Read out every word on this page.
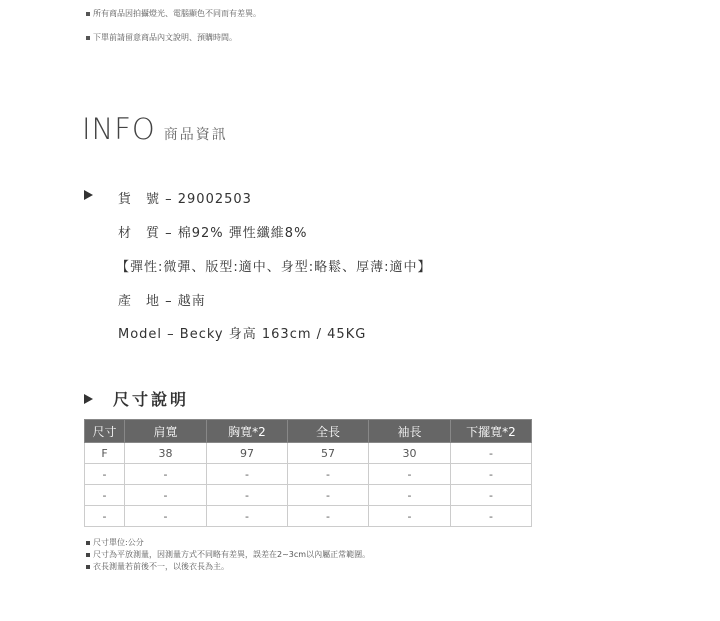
所有商品因拍攝燈光、電腦顯色不同而有差異。
下單前請留意商品內文說明、預購時間。
INFO 商品資訊
貨　號 – 29002503
材　質 – 棉92% 彈性纖維8%
【彈性:微彈、版型:適中、身型:略鬆、厚薄:適中】
產　地 – 越南
Model – Becky 身高 163cm / 45KG
尺寸說明
尺寸	肩寬	胸寬*2	全長	袖長	下擺寬*2
F	38	97	57	30	-
-	-	-	-	-	-
-	-	-	-	-	-
-	-	-	-	-	-
尺寸單位:公分
尺寸為平放測量，因測量方式不同略有差異，誤差在2~3cm以內屬正常範圍。
衣長測量若前後不一，以後衣長為主。
